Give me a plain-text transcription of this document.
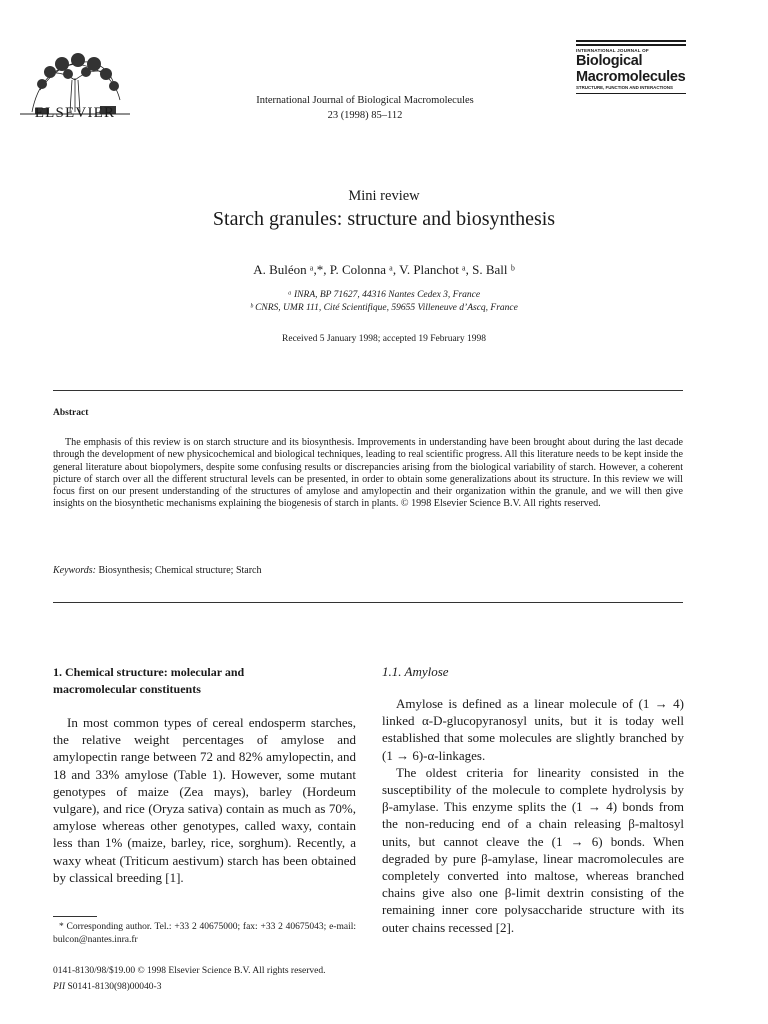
ELSEVIER
International Journal of Biological Macromolecules
23 (1998) 85–112
INTERNATIONAL JOURNAL OF
Biological
Macromolecules
STRUCTURE, FUNCTION AND INTERACTIONS
Mini review
Starch granules: structure and biosynthesis
A. Buléon ᵃ,*, P. Colonna ᵃ, V. Planchot ᵃ, S. Ball ᵇ
ᵃ INRA, BP 71627, 44316 Nantes Cedex 3, France
ᵇ CNRS, UMR 111, Cité Scientifique, 59655 Villeneuve d’Ascq, France
Received 5 January 1998; accepted 19 February 1998
Abstract
The emphasis of this review is on starch structure and its biosynthesis. Improvements in understanding have been brought about during the last decade through the development of new physicochemical and biological techniques, leading to real scientific progress. All this literature needs to be kept inside the general literature about biopolymers, despite some confusing results or discrepancies arising from the biological variability of starch. However, a coherent picture of starch over all the different structural levels can be presented, in order to obtain some generalizations about its structure. In this review we will focus first on our present understanding of the structures of amylose and amylopectin and their organization within the granule, and we will then give insights on the biosynthetic mechanisms explaining the biogenesis of starch in plants. © 1998 Elsevier Science B.V. All rights reserved.
Keywords: Biosynthesis; Chemical structure; Starch
1. Chemical structure: molecular and
macromolecular constituents
In most common types of cereal endosperm starches, the relative weight percentages of amylose and amylopectin range between 72 and 82% amylopectin, and 18 and 33% amylose (Table 1). However, some mutant genotypes of maize (Zea mays), barley (Hordeum vulgare), and rice (Oryza sativa) contain as much as 70%, amylose whereas other genotypes, called waxy, contain less than 1% (maize, barley, rice, sorghum). Recently, a waxy wheat (Triticum aestivum) starch has been obtained by classical breeding [1].
* Corresponding author. Tel.: +33 2 40675000; fax: +33 2 40675043; e-mail: bulcon@nantes.inra.fr
0141-8130/98/$19.00 © 1998 Elsevier Science B.V. All rights reserved.
PII S0141-8130(98)00040-3
1.1. Amylose

Amylose is defined as a linear molecule of (1 → 4) linked α-D-glucopyranosyl units, but it is today well established that some molecules are slightly branched by (1 → 6)-α-linkages.

The oldest criteria for linearity consisted in the susceptibility of the molecule to complete hydrolysis by β-amylase. This enzyme splits the (1 → 4) bonds from the non-reducing end of a chain releasing β-maltosyl units, but cannot cleave the (1 → 6) bonds. When degraded by pure β-amylase, linear macromolecules are completely converted into maltose, whereas branched chains give also one β-limit dextrin consisting of the remaining inner core polysaccharide structure with its outer chains recessed [2].
